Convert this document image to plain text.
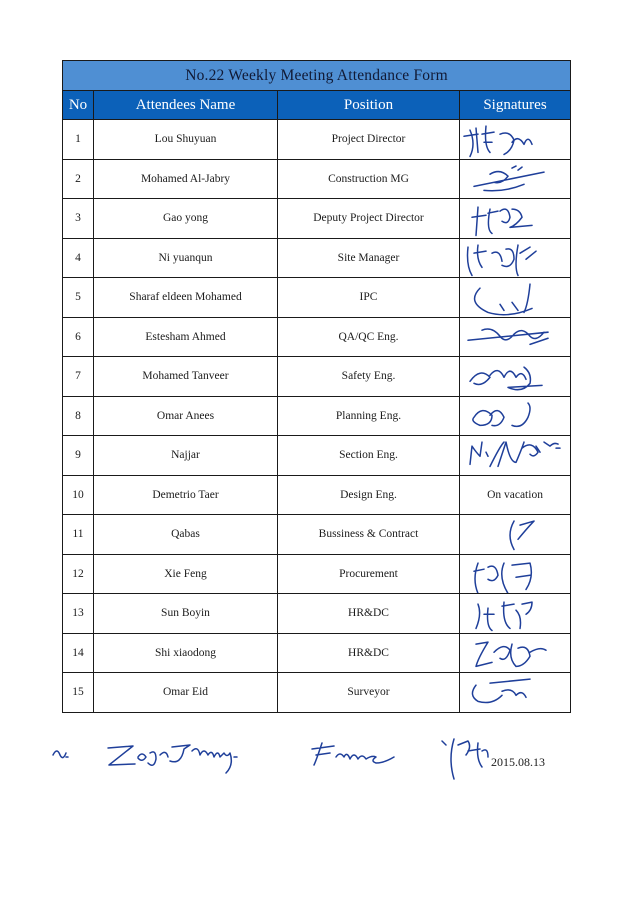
No.22 Weekly Meeting Attendance Form			
No	Attendees Name	Position	Signatures
1	Lou Shuyuan	Project Director	

2	Mohamed Al-Jabry	Construction MG	

3	Gao yong	Deputy Project Director	

4	Ni yuanqun	Site Manager	

5	Sharaf eldeen Mohamed	IPC	

6	Estesham Ahmed	QA/QC Eng.	

7	Mohamed Tanveer	Safety Eng.	

8	Omar Anees	Planning Eng.	

9	Najjar	Section Eng.	

10	Demetrio Taer	Design Eng.	On vacation
11	Qabas	Bussiness & Contract	

12	Xie Feng	Procurement	

13	Sun Boyin	HR&DC	

14	Shi xiaodong	HR&DC	

15	Omar Eid	Surveyor	
2015.08.13
